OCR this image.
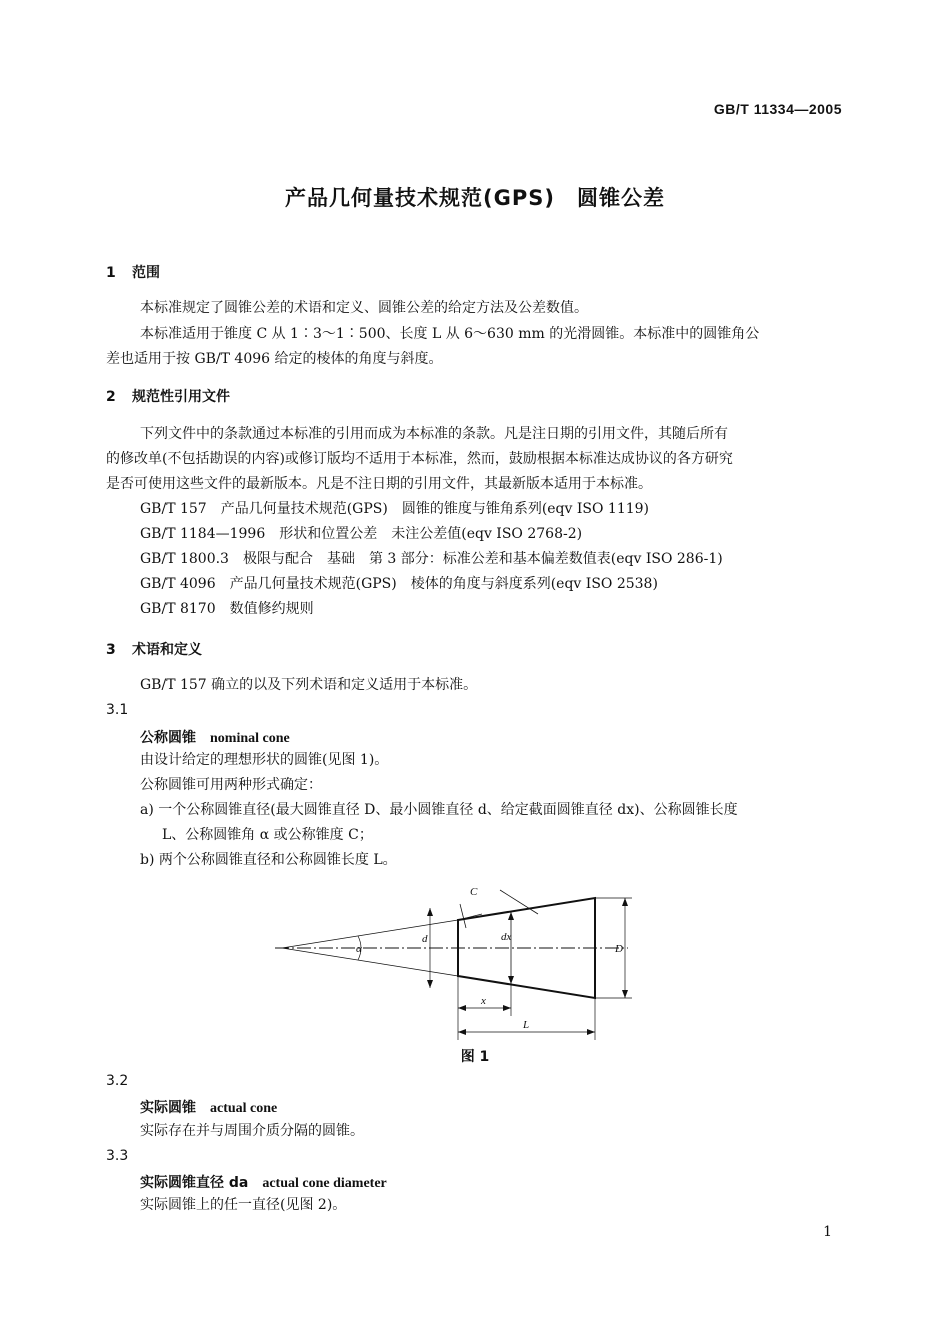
GB/T 11334—2005
产品几何量技术规范(GPS)　圆锥公差
1 范围
本标准规定了圆锥公差的术语和定义、圆锥公差的给定方法及公差数值。
本标准适用于锥度 C 从 1∶3～1∶500、长度 L 从 6～630 mm 的光滑圆锥。本标准中的圆锥角公
差也适用于按 GB/T 4096 给定的棱体的角度与斜度。
2 规范性引用文件
下列文件中的条款通过本标准的引用而成为本标准的条款。凡是注日期的引用文件，其随后所有
的修改单(不包括勘误的内容)或修订版均不适用于本标准，然而，鼓励根据本标准达成协议的各方研究
是否可使用这些文件的最新版本。凡是不注日期的引用文件，其最新版本适用于本标准。
GB/T 157　产品几何量技术规范(GPS)　圆锥的锥度与锥角系列(eqv ISO 1119)
GB/T 1184—1996　形状和位置公差　未注公差值(eqv ISO 2768-2)
GB/T 1800.3　极限与配合　基础　第 3 部分：标准公差和基本偏差数值表(eqv ISO 286-1)
GB/T 4096　产品几何量技术规范(GPS)　棱体的角度与斜度系列(eqv ISO 2538)
GB/T 8170　数值修约规则
3 术语和定义
GB/T 157 确立的以及下列术语和定义适用于本标准。
3.1
公称圆锥 nominal cone
由设计给定的理想形状的圆锥(见图 1)。
公称圆锥可用两种形式确定：
a) 一个公称圆锥直径(最大圆锥直径 D、最小圆锥直径 d、给定截面圆锥直径 dx)、公称圆锥长度
L、公称圆锥角 α 或公称锥度 C；
b) 两个公称圆锥直径和公称圆锥长度 L。
C
α
d	dx
D
x
L
图 1
3.2
实际圆锥 actual cone
实际存在并与周围介质分隔的圆锥。
3.3
实际圆锥直径 da actual cone diameter
实际圆锥上的任一直径(见图 2)。
1
